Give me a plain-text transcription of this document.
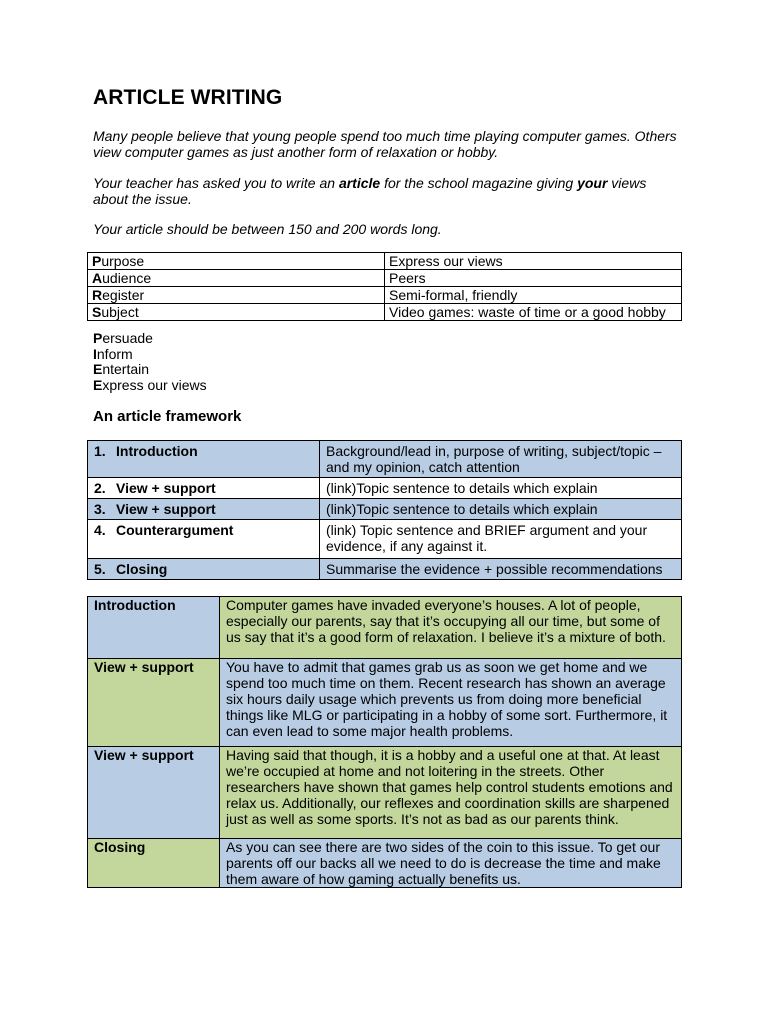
ARTICLE WRITING

Many people believe that young people spend too much time playing computer games. Others view computer games as just another form of relaxation or hobby.

Your teacher has asked you to write an article for the school magazine giving your views about the issue.

Your article should be between 150 and 200 words long.

Purpose	Express our views
Audience	Peers
Register	Semi-formal, friendly
Subject	Video games: waste of time or a good hobby
Persuade
Inform
Entertain
Express our views
An article framework
1. Introduction	Background/lead in, purpose of writing, subject/topic – and my opinion, catch attention
2. View + support	(link)Topic sentence to details which explain
3. View + support	(link)Topic sentence to details which explain
4. Counterargument	(link) Topic sentence and BRIEF argument and your evidence, if any against it.
5. Closing	Summarise the evidence + possible recommendations
Introduction	Computer games have invaded everyone’s houses. A lot of people, especially our parents, say that it’s occupying all our time, but some of us say that it’s a good form of relaxation. I believe it’s a mixture of both.
View + support	You have to admit that games grab us as soon we get home and we spend too much time on them. Recent research has shown an average six hours daily usage which prevents us from doing more beneficial things like MLG or participating in a hobby of some sort. Furthermore, it can even lead to some major health problems.
View + support	Having said that though, it is a hobby and a useful one at that. At least we’re occupied at home and not loitering in the streets. Other researchers have shown that games help control students emotions and relax us. Additionally, our reflexes and coordination skills are sharpened just as well as some sports. It’s not as bad as our parents think.
Closing	As you can see there are two sides of the coin to this issue. To get our parents off our backs all we need to do is decrease the time and make them aware of how gaming actually benefits us.
